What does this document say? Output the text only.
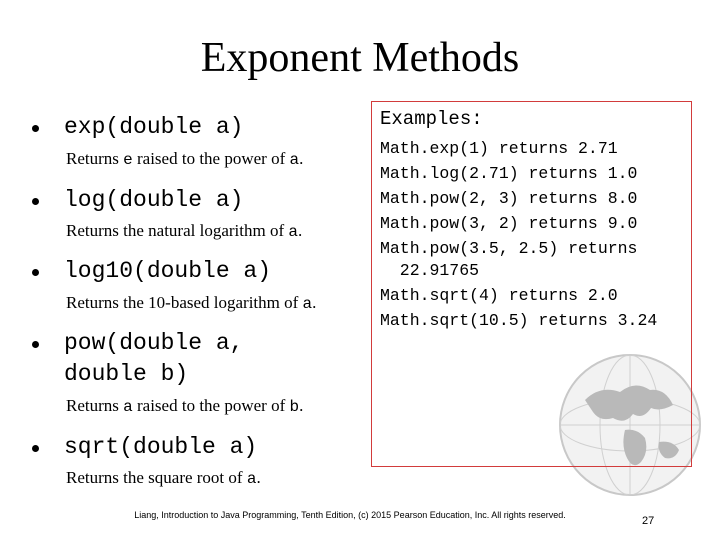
Exponent Methods
exp(double a)
Returns e raised to the power of a.
log(double a)
Returns the natural logarithm of a.
log10(double a)
Returns the 10-based logarithm of a.
pow(double a,
double b)
Returns a raised to the power of b.
sqrt(double a)
Returns the square root of a.
Examples:
Math.exp(1) returns 2.71
Math.log(2.71) returns 1.0
Math.pow(2, 3) returns 8.0
Math.pow(3, 2) returns 9.0
Math.pow(3.5, 2.5) returns
22.91765
Math.sqrt(4) returns 2.0
Math.sqrt(10.5) returns 3.24
Liang, Introduction to Java Programming, Tenth Edition, (c) 2015 Pearson Education, Inc. All rights reserved.	27
